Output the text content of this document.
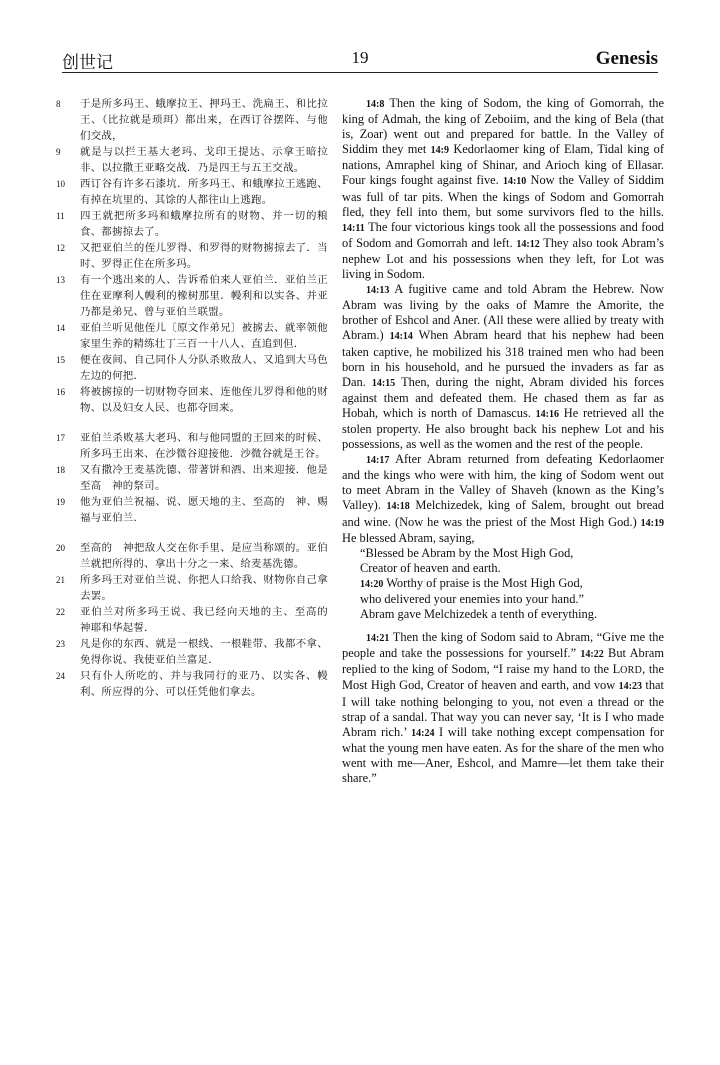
创世记	19	Genesis
8 于是所多玛王、蛾摩拉王、押玛王、洗扁王、和比拉王、（比拉就是琐珥）都出来，在西订谷摆阵、与他们交战，
9 就是与以拦王基大老玛、戈印王提达、示拿王暗拉非、以拉撒王亚略交战．乃是四王与五王交战。
10 西订谷有许多石漆坑．所多玛王、和蛾摩拉王逃跑、有掉在坑里的、其馀的人都往山上逃跑。
11 四王就把所多玛和蛾摩拉所有的财物、并一切的粮食、都掳掠去了。
12 又把亚伯兰的侄儿罗得、和罗得的财物掳掠去了．当时、罗得正住在所多玛。
13 有一个逃出来的人、告诉希伯来人亚伯兰．亚伯兰正住在亚摩利人幔利的橡树那里．幔利和以实各、并亚乃都是弟兄、曾与亚伯兰联盟。
14 亚伯兰听见他侄儿〔原文作弟兄〕被掳去、就率领他家里生养的精练壮丁三百一十八人、直追到但．
15 便在夜间、自己同仆人分队杀败敌人、又追到大马色左边的何把．
16 将被掳掠的一切财物夺回来、连他侄儿罗得和他的财物、以及妇女人民、也都夺回来。
17 亚伯兰杀败基大老玛、和与他同盟的王回来的时候、所多玛王出来、在沙微谷迎接他．沙微谷就是王谷。
18 又有撒冷王麦基洗德、带著饼和酒、出来迎接．他是至高　神的祭司。
19 他为亚伯兰祝福、说、愿天地的主、至高的　神、赐福与亚伯兰．
20 至高的　神把敌人交在你手里、是应当称颂的。亚伯兰就把所得的、拿出十分之一来、给麦基洗德。
21 所多玛王对亚伯兰说、你把人口给我、财物你自己拿去罢。
22 亚伯兰对所多玛王说、我已经向天地的主、至高的　神耶和华起誓．
23 凡是你的东西、就是一根线、一根鞋带、我都不拿、免得你说、我使亚伯兰富足．
24 只有仆人所吃的、并与我同行的亚乃、以实各、幔利、所应得的分、可以任凭他们拿去。

14:8 Then the king of Sodom, the king of Gomorrah, the king of Admah, the king of Zeboiim, and the king of Bela (that is, Zoar) went out and prepared for battle. In the Valley of Siddim they met 14:9 Kedorlaomer king of Elam, Tidal king of nations, Amraphel king of Shinar, and Arioch king of Ellasar. Four kings fought against five. 14:10 Now the Valley of Siddim was full of tar pits. When the kings of Sodom and Gomorrah fled, they fell into them, but some survivors fled to the hills. 14:11 The four victorious kings took all the possessions and food of Sodom and Gomorrah and left. 14:12 They also took Abram’s nephew Lot and his possessions when they left, for Lot was living in Sodom.

14:13 A fugitive came and told Abram the Hebrew. Now Abram was living by the oaks of Mamre the Amorite, the brother of Eshcol and Aner. (All these were allied by treaty with Abram.) 14:14 When Abram heard that his nephew had been taken captive, he mobilized his 318 trained men who had been born in his household, and he pursued the invaders as far as Dan. 14:15 Then, during the night, Abram divided his forces against them and defeated them. He chased them as far as Hobah, which is north of Damascus. 14:16 He retrieved all the stolen property. He also brought back his nephew Lot and his possessions, as well as the women and the rest of the people.

14:17 After Abram returned from defeating Kedorlaomer and the kings who were with him, the king of Sodom went out to meet Abram in the Valley of Shaveh (known as the King’s Valley). 14:18 Melchizedek, king of Salem, brought out bread and wine. (Now he was the priest of the Most High God.) 14:19 He blessed Abram, saying,

“Blessed be Abram by the Most High God,

Creator of heaven and earth.

14:20 Worthy of praise is the Most High God,

who delivered your enemies into your hand.”

Abram gave Melchizedek a tenth of everything.

14:21 Then the king of Sodom said to Abram, “Give me the people and take the possessions for yourself.” 14:22 But Abram replied to the king of Sodom, “I raise my hand to the LORD, the Most High God, Creator of heaven and earth, and vow 14:23 that I will take nothing belonging to you, not even a thread or the strap of a sandal. That way you can never say, ‘It is I who made Abram rich.’ 14:24 I will take nothing except compensation for what the young men have eaten. As for the share of the men who went with me—Aner, Eshcol, and Mamre—let them take their share.”
